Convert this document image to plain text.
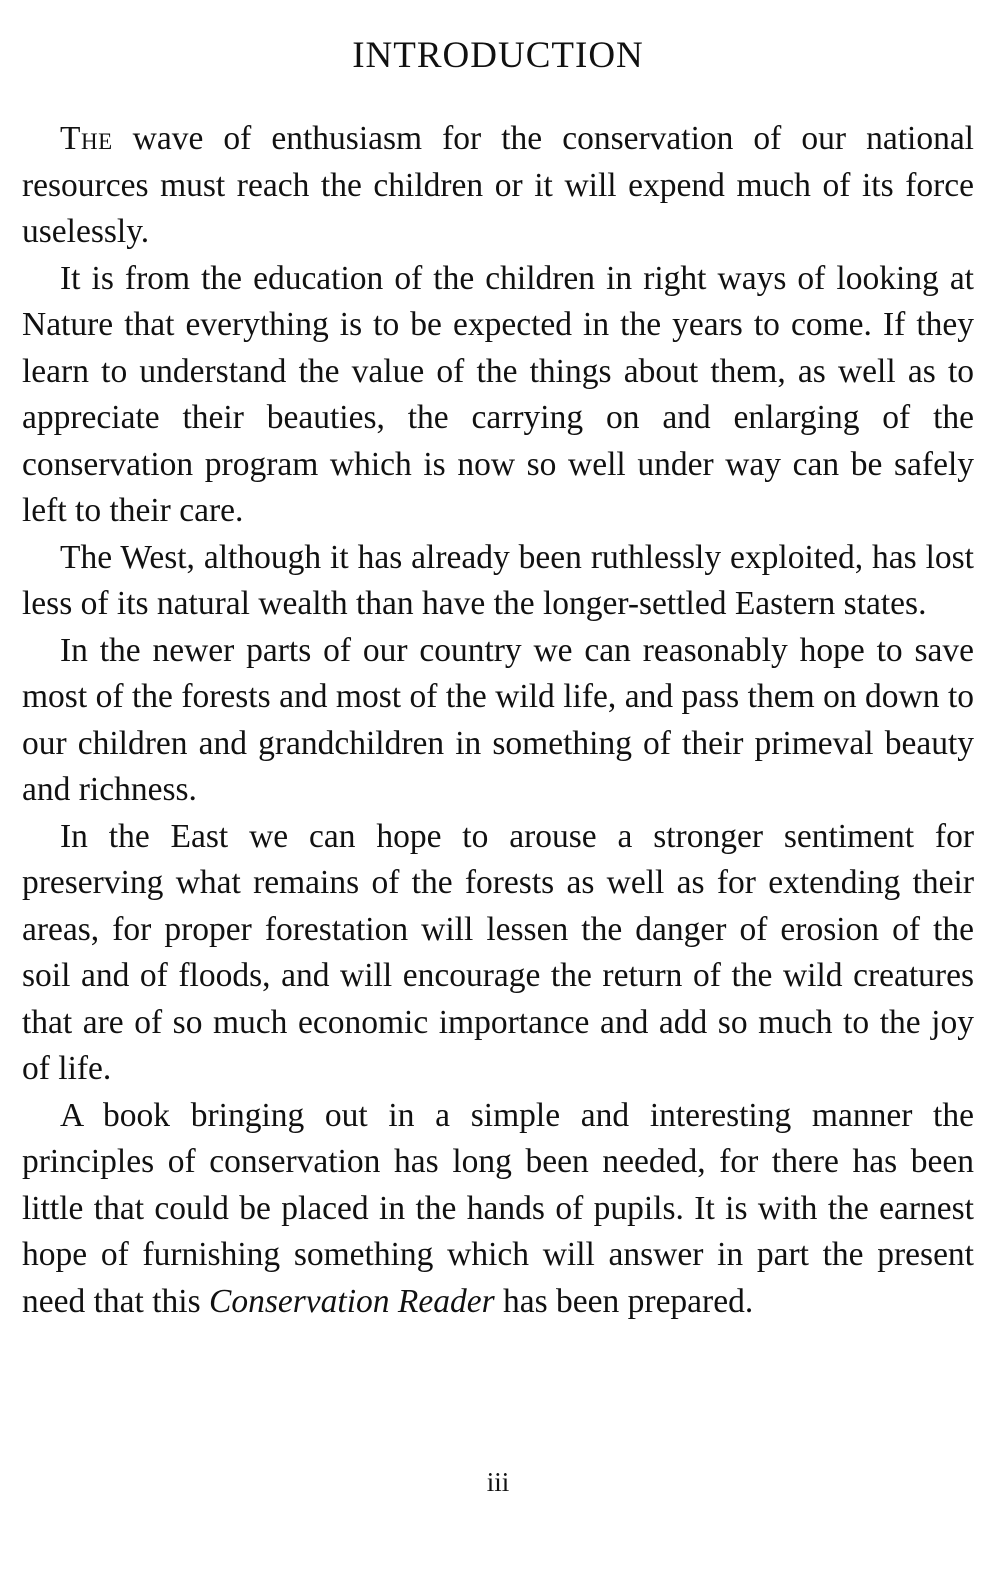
INTRODUCTION

The wave of enthusiasm for the conservation of our national resources must reach the children or it will expend much of its force uselessly.

It is from the education of the children in right ways of looking at Nature that everything is to be expected in the years to come. If they learn to understand the value of the things about them, as well as to appreciate their beauties, the carrying on and enlarging of the conservation program which is now so well under way can be safely left to their care.

The West, although it has already been ruthlessly exploited, has lost less of its natural wealth than have the longer-settled Eastern states.

In the newer parts of our country we can reasonably hope to save most of the forests and most of the wild life, and pass them on down to our children and grandchildren in something of their primeval beauty and richness.

In the East we can hope to arouse a stronger sentiment for preserving what remains of the forests as well as for extending their areas, for proper forestation will lessen the danger of erosion of the soil and of floods, and will encourage the return of the wild creatures that are of so much economic importance and add so much to the joy of life.

A book bringing out in a simple and interesting manner the principles of conservation has long been needed, for there has been little that could be placed in the hands of pupils. It is with the earnest hope of furnishing something which will answer in part the present need that this Conservation Reader has been prepared.

iii
